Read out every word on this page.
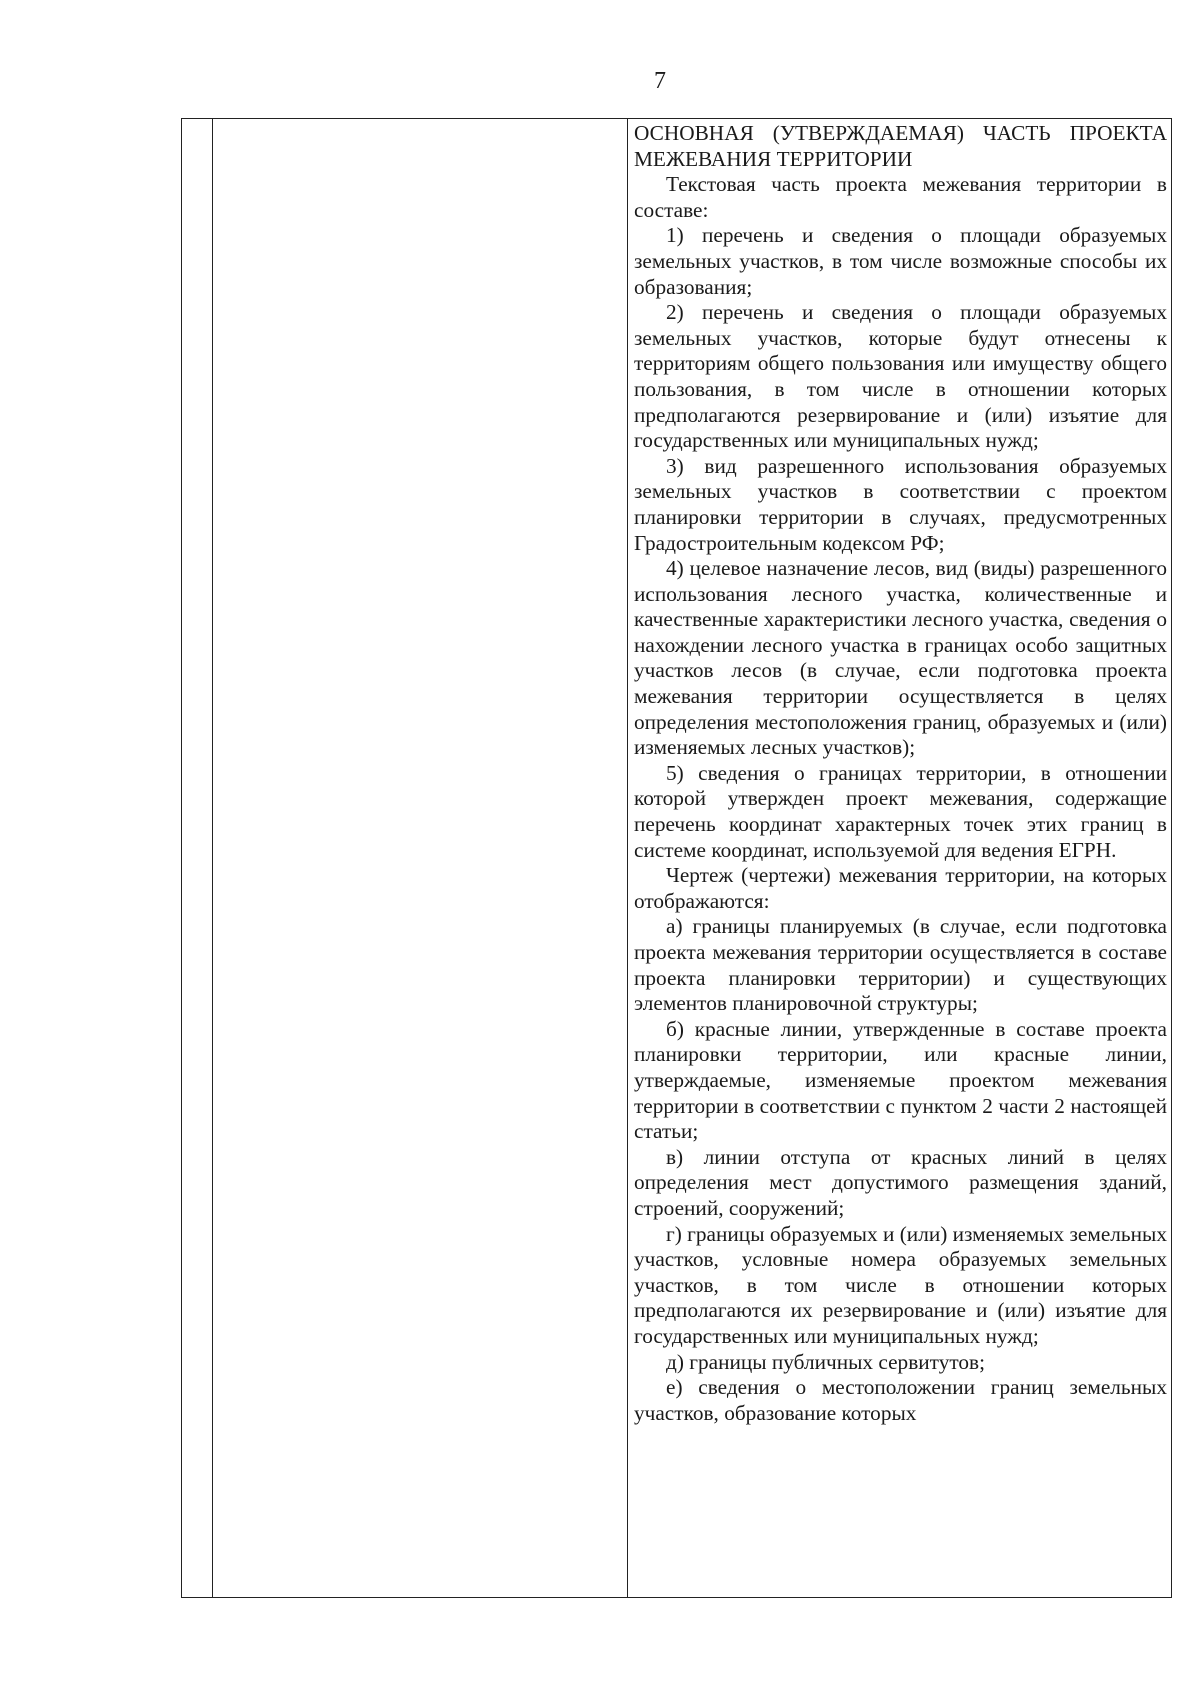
7

ОСНОВНАЯ (УТВЕРЖДАЕМАЯ) ЧАСТЬ ПРОЕКТА МЕЖЕВАНИЯ ТЕРРИТОРИИ

Текстовая часть проекта межевания территории в составе:

1) перечень и сведения о площади образуемых земельных участков, в том числе возможные способы их образования;

2) перечень и сведения о площади образуемых земельных участков, которые будут отнесены к территориям общего пользования или имуществу общего пользования, в том числе в отношении которых предполагаются резервирование и (или) изъятие для государственных или муниципальных нужд;

3) вид разрешенного использования образуемых земельных участков в соответствии с проектом планировки территории в случаях, предусмотренных Градостроительным кодексом РФ;

4) целевое назначение лесов, вид (виды) разрешенного использования лесного участка, количественные и качественные характеристики лесного участка, сведения о нахождении лесного участка в границах особо защитных участков лесов (в случае, если подготовка проекта межевания территории осуществляется в целях определения местоположения границ, образуемых и (или) изменяемых лесных участков);

5) сведения о границах территории, в отношении которой утвержден проект межевания, содержащие перечень координат характерных точек этих границ в системе координат, используемой для ведения ЕГРН.

Чертеж (чертежи) межевания территории, на которых отображаются:

а) границы планируемых (в случае, если подготовка проекта межевания территории осуществляется в составе проекта планировки территории) и существующих элементов планировочной структуры;

б) красные линии, утвержденные в составе проекта планировки территории, или красные линии, утверждаемые, изменяемые проектом межевания территории в соответствии с пунктом 2 части 2 настоящей статьи;

в) линии отступа от красных линий в целях определения мест допустимого размещения зданий, строений, сооружений;

г) границы образуемых и (или) изменяемых земельных участков, условные номера образуемых земельных участков, в том числе в отношении которых предполагаются их резервирование и (или) изъятие для государственных или муниципальных нужд;

д) границы публичных сервитутов;

е) сведения о местоположении границ земельных участков, образование которых
